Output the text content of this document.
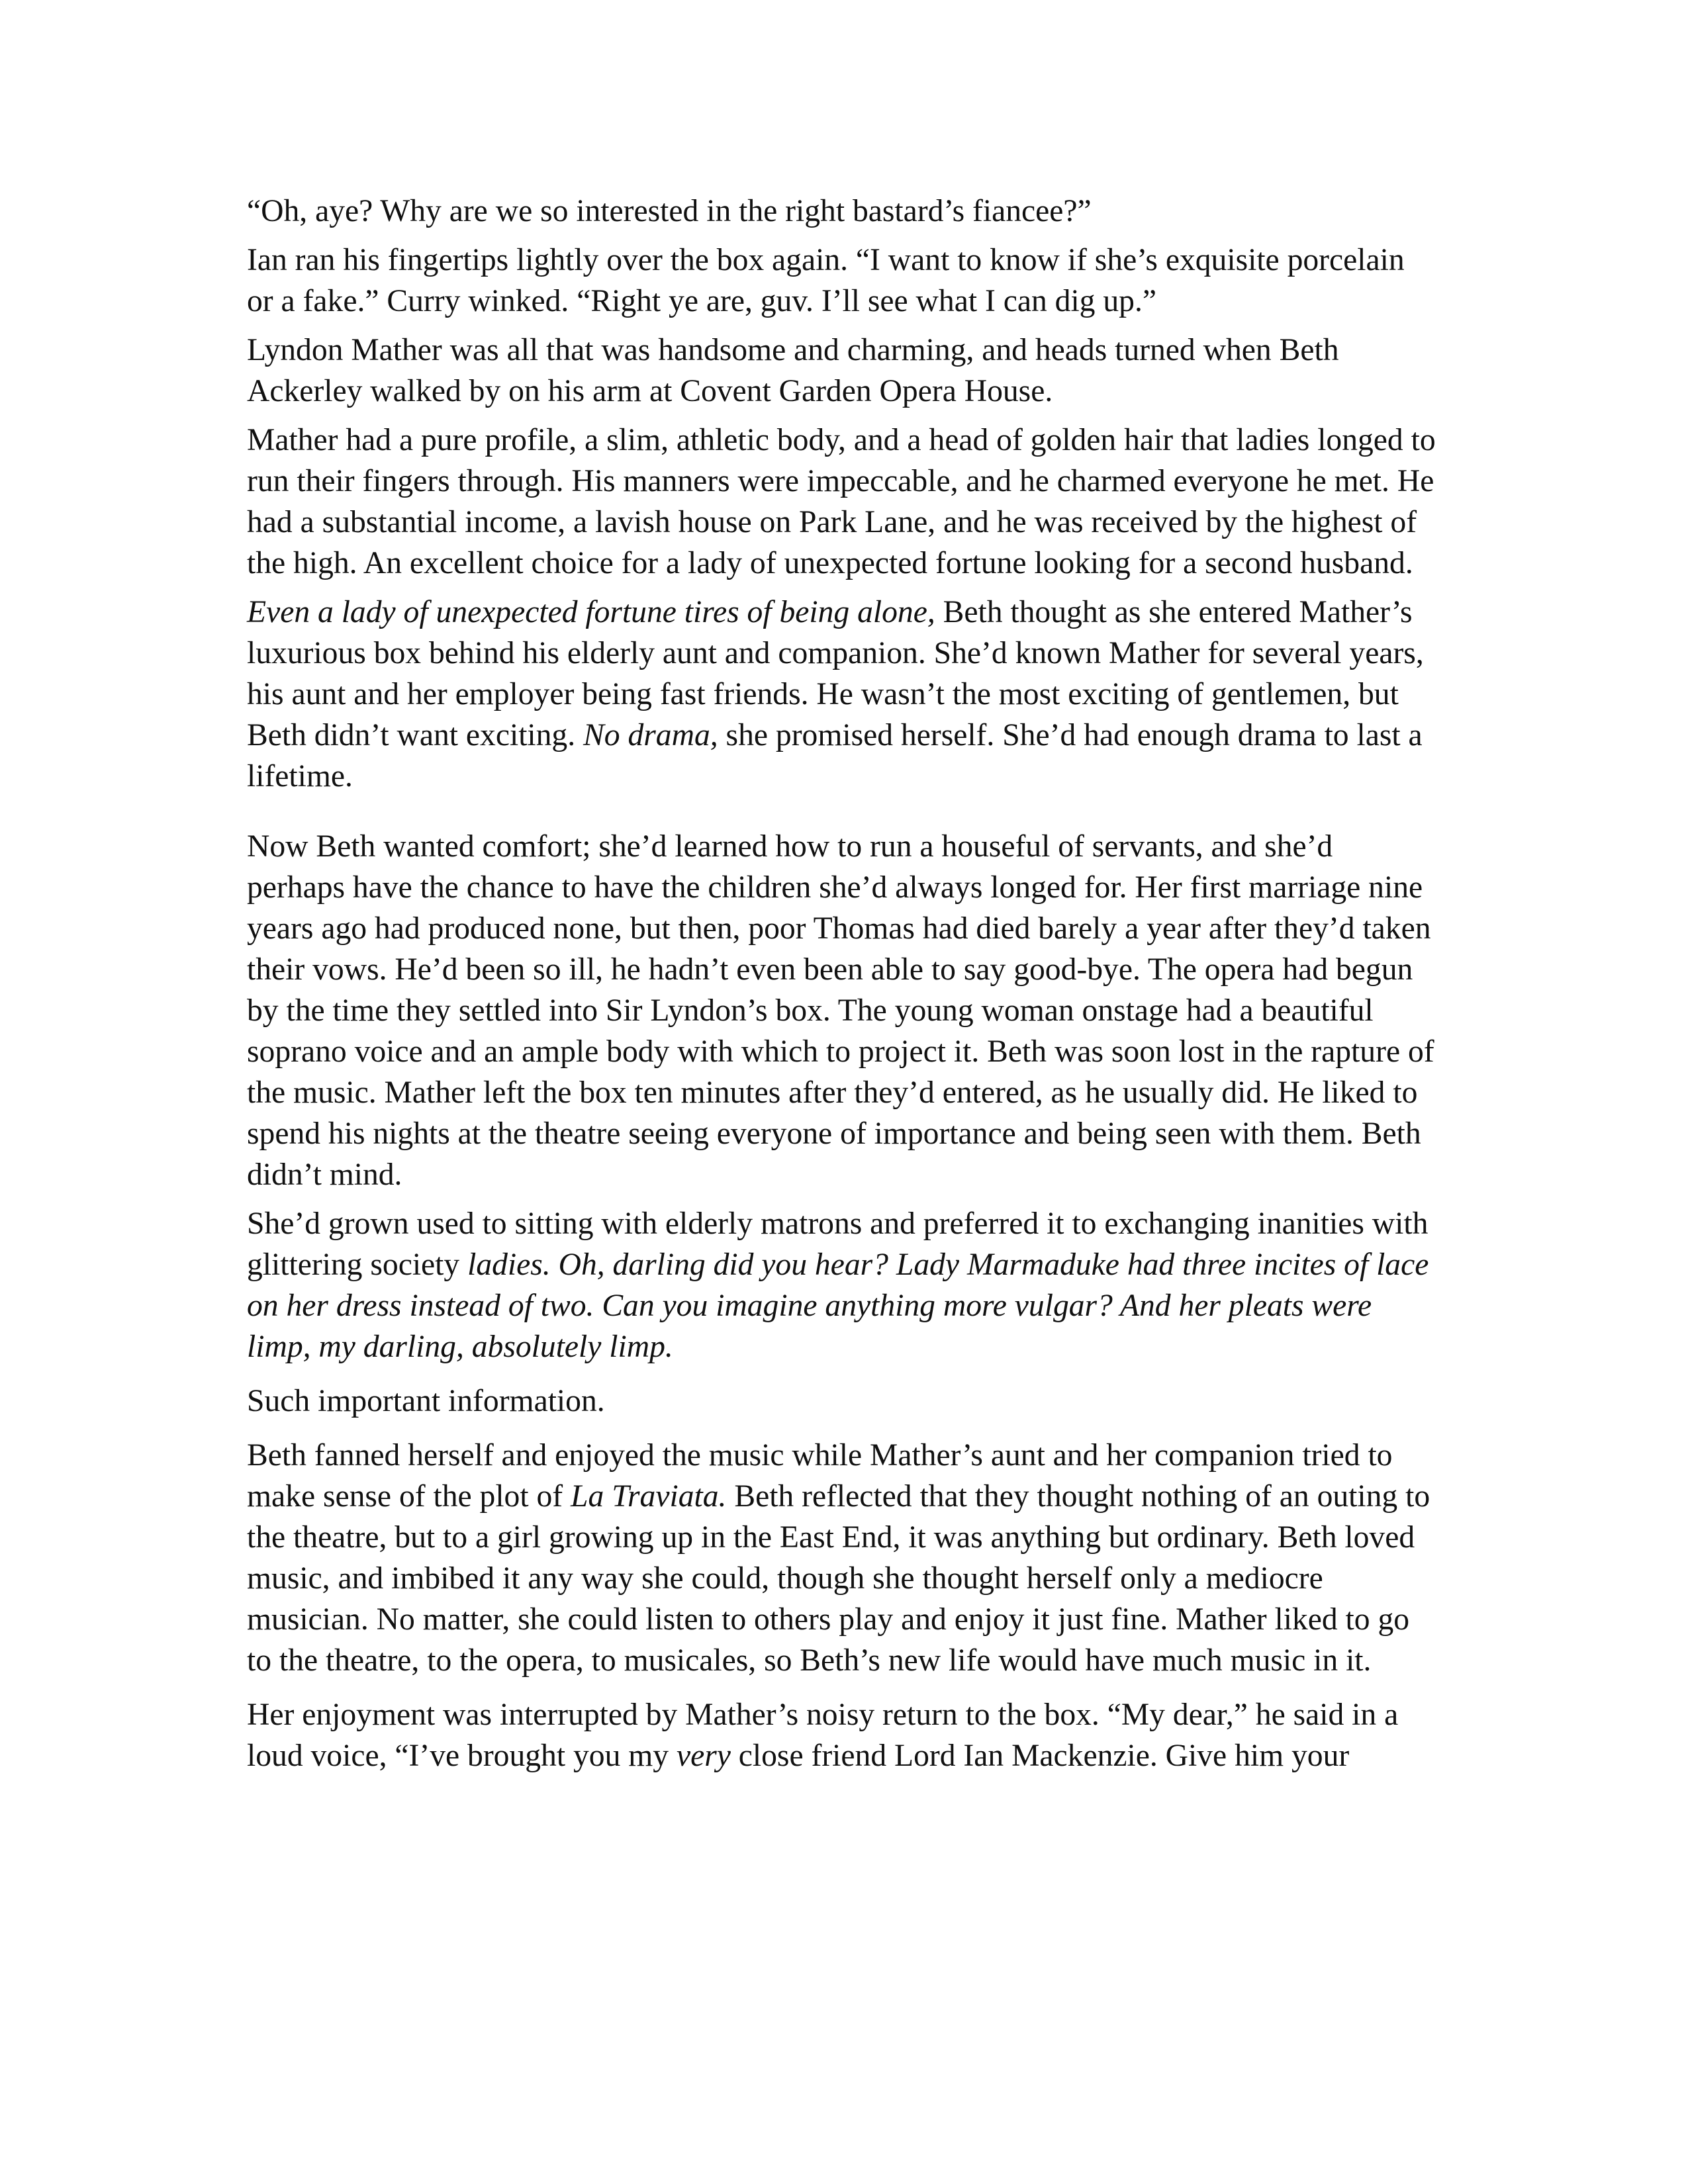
“Oh, aye? Why are we so interested in the right bastard’s fiancee?”

Ian ran his fingertips lightly over the box again. “I want to know if she’s exquisite porcelain or a fake.” Curry winked. “Right ye are, guv. I’ll see what I can dig up.”

Lyndon Mather was all that was handsome and charming, and heads turned when Beth Ackerley walked by on his arm at Covent Garden Opera House.

Mather had a pure profile, a slim, athletic body, and a head of golden hair that ladies longed to run their fingers through. His manners were impeccable, and he charmed everyone he met. He had a substantial income, a lavish house on Park Lane, and he was received by the highest of the high. An excellent choice for a lady of unexpected fortune looking for a second husband.

Even a lady of unexpected fortune tires of being alone, Beth thought as she entered Mather’s luxurious box behind his elderly aunt and companion. She’d known Mather for several years, his aunt and her employer being fast friends. He wasn’t the most exciting of gentlemen, but Beth didn’t want exciting. No drama, she promised herself. She’d had enough drama to last a lifetime.

Now Beth wanted comfort; she’d learned how to run a houseful of servants, and she’d perhaps have the chance to have the children she’d always longed for. Her first marriage nine years ago had produced none, but then, poor Thomas had died barely a year after they’d taken their vows. He’d been so ill, he hadn’t even been able to say good-bye. The opera had begun by the time they settled into Sir Lyndon’s box. The young woman onstage had a beautiful soprano voice and an ample body with which to project it. Beth was soon lost in the rapture of the music. Mather left the box ten minutes after they’d entered, as he usually did. He liked to spend his nights at the theatre seeing everyone of importance and being seen with them. Beth didn’t mind.

She’d grown used to sitting with elderly matrons and preferred it to exchanging inanities with glittering society ladies. Oh, darling did you hear? Lady Marmaduke had three incites of lace on her dress instead of two. Can you imagine anything more vulgar? And her pleats were limp, my darling, absolutely limp.

Such important information.

Beth fanned herself and enjoyed the music while Mather’s aunt and her companion tried to make sense of the plot of La Traviata. Beth reflected that they thought nothing of an outing to the theatre, but to a girl growing up in the East End, it was anything but ordinary. Beth loved music, and imbibed it any way she could, though she thought herself only a mediocre musician. No matter, she could listen to others play and enjoy it just fine. Mather liked to go to the theatre, to the opera, to musicales, so Beth’s new life would have much music in it.

Her enjoyment was interrupted by Mather’s noisy return to the box. “My dear,” he said in a loud voice, “I’ve brought you my very close friend Lord Ian Mackenzie. Give him your
